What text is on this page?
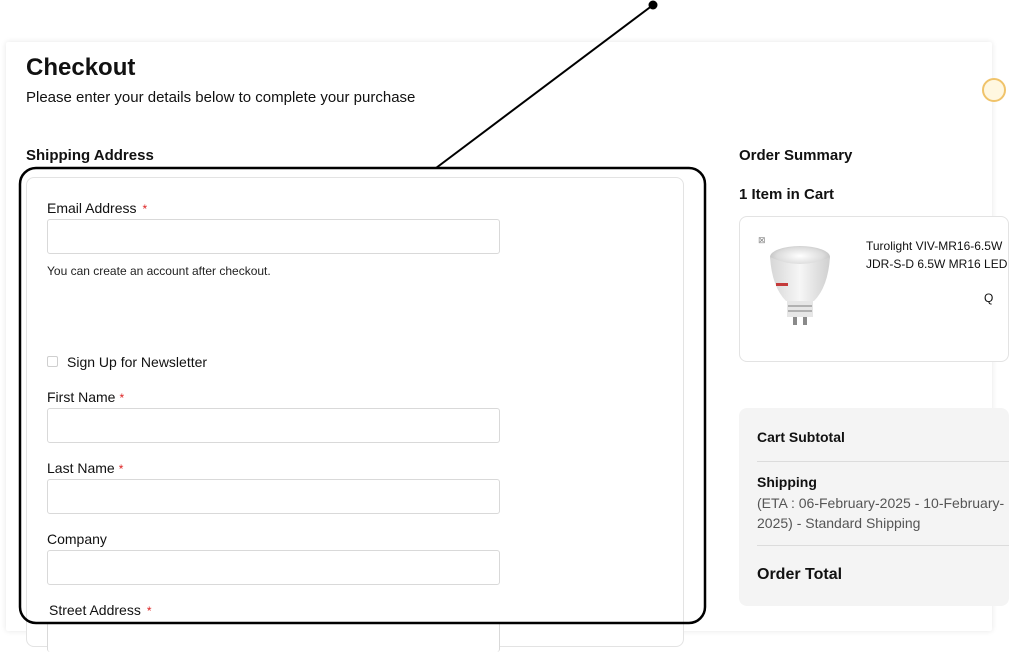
Checkout
Please enter your details below to complete your purchase
Shipping Address
Email Address *
You can create an account after checkout.
Sign Up for Newsletter
First Name *
Last Name *
Company
Street Address *
Order Summary
1 Item in Cart
⊠	Turolight VIV-MR16-6.5W
JDR-S-D 6.5W MR16 LED
Q
Cart Subtotal
Shipping
(ETA : 06-February-2025 - 10-February-2025) - Standard Shipping
Order Total
